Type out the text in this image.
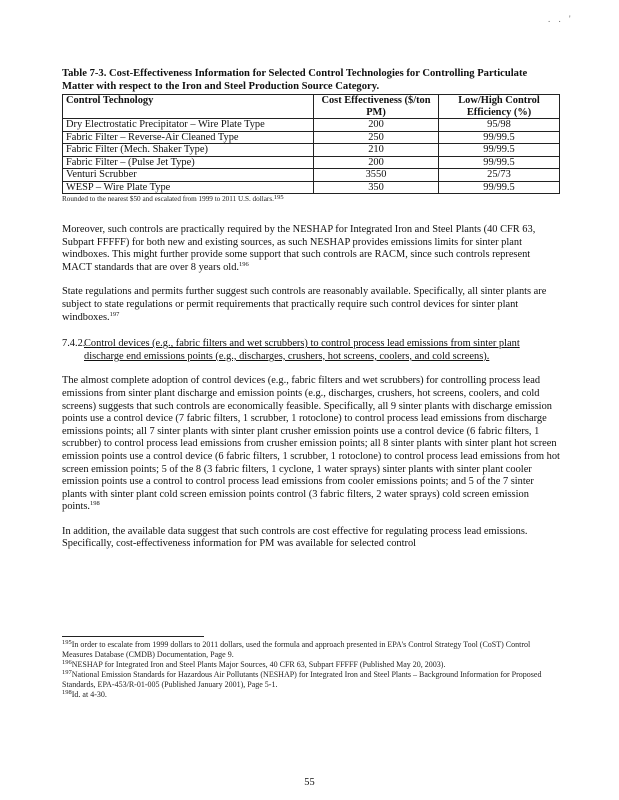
. . '
Table 7-3. Cost-Effectiveness Information for Selected Control Technologies for Controlling Particulate Matter with respect to the Iron and Steel Production Source Category.
Control Technology	Cost Effectiveness ($/ton PM)	Low/High Control Efficiency (%)
Dry Electrostatic Precipitator – Wire Plate Type	200	95/98
Fabric Filter – Reverse-Air Cleaned Type	250	99/99.5
Fabric Filter (Mech. Shaker Type)	210	99/99.5
Fabric Filter – (Pulse Jet Type)	200	99/99.5
Venturi Scrubber	3550	25/73
WESP – Wire Plate Type	350	99/99.5
Rounded to the nearest $50 and escalated from 1999 to 2011 U.S. dollars.$^{195}$

Moreover, such controls are practically required by the NESHAP for Integrated Iron and Steel Plants (40 CFR 63, Subpart FFFFF) for both new and existing sources, as such NESHAP provides emissions limits for sinter plant windboxes. This might further provide some support that such controls are RACM, since such controls represent MACT standards that are over 8 years old.$^{196}$

State regulations and permits further suggest such controls are reasonably available. Specifically, all sinter plants are subject to state regulations or permit requirements that practically require such control devices for sinter plant windboxes.$^{197}$

7.4.2.
Control devices (e.g., fabric filters and wet scrubbers) to control process lead emissions from sinter plant discharge end emissions points (e.g., discharges, crushers, hot screens, coolers, and cold screens).

The almost complete adoption of control devices (e.g., fabric filters and wet scrubbers) for controlling process lead emissions from sinter plant discharge and emission points (e.g., discharges, crushers, hot screens, coolers, and cold screens) suggests that such controls are economically feasible. Specifically, all 9 sinter plants with discharge emission points use a control device (7 fabric filters, 1 scrubber, 1 rotoclone) to control process lead emissions from discharge emissions points; all 7 sinter plants with sinter plant crusher emission points use a control device (6 fabric filters, 1 scrubber) to control process lead emissions from crusher emission points; all 8 sinter plants with sinter plant hot screen emission points use a control device (6 fabric filters, 1 scrubber, 1 rotoclone) to control process lead emissions from hot screen emission points; 5 of the 8 (3 fabric filters, 1 cyclone, 1 water sprays) sinter plants with sinter plant cooler emission points use a control to control process lead emissions from cooler emissions points; and 5 of the 7 sinter plants with sinter plant cold screen emission points control (3 fabric filters, 2 water sprays) cold screen emission points.$^{198}$

In addition, the available data suggest that such controls are cost effective for regulating process lead emissions. Specifically, cost-effectiveness information for PM was available for selected control

$^{195}$In order to escalate from 1999 dollars to 2011 dollars, used the formula and approach presented in EPA's Control Strategy Tool (CoST) Control Measures Database (CMDB) Documentation, Page 9.
$^{196}$NESHAP for Integrated Iron and Steel Plants Major Sources, 40 CFR 63, Subpart FFFFF (Published May 20, 2003).
$^{197}$National Emission Standards for Hazardous Air Pollutants (NESHAP) for Integrated Iron and Steel Plants – Background Information for Proposed Standards, EPA-453/R-01-005 (Published January 2001), Page 5-1.
$^{198}$Id. at 4-30.
55
